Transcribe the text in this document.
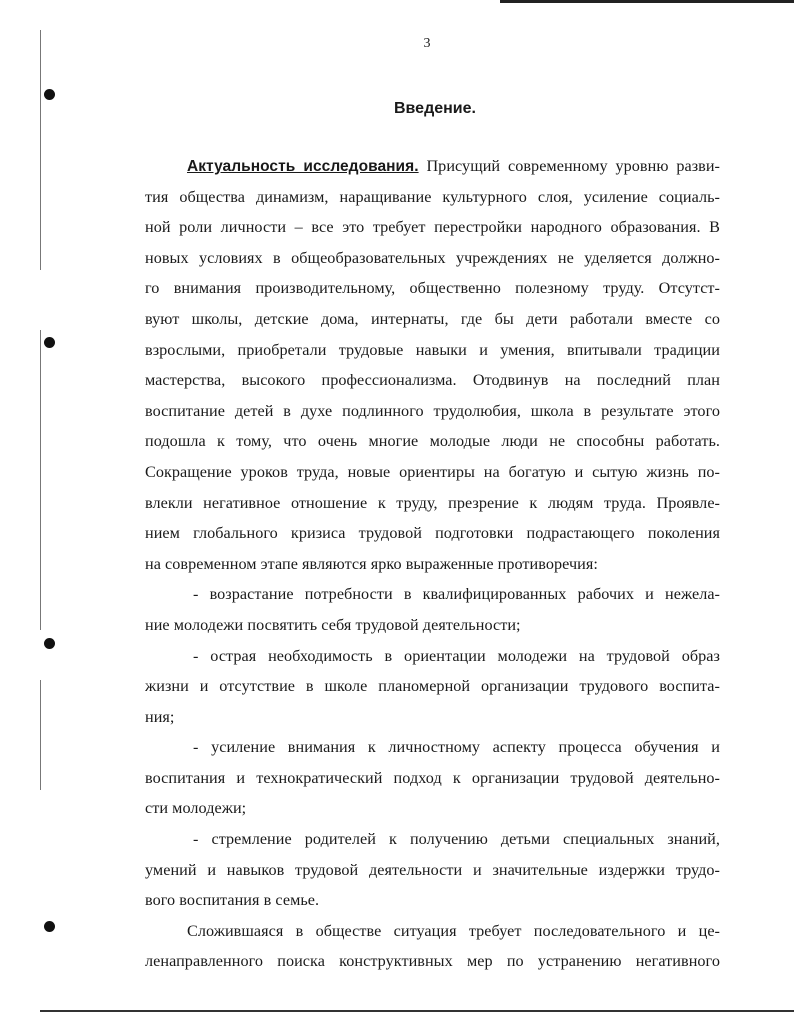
3
Введение.
Актуальность исследования. Присущий современному уровню разви-
тия общества динамизм, наращивание культурного слоя, усиление социаль-
ной роли личности – все это требует перестройки народного образования. В
новых условиях в общеобразовательных учреждениях не уделяется должно-
го внимания производительному, общественно полезному труду. Отсутст-
вуют школы, детские дома, интернаты, где бы дети работали вместе со
взрослыми, приобретали трудовые навыки и умения, впитывали традиции
мастерства, высокого профессионализма. Отодвинув на последний план
воспитание детей в духе подлинного трудолюбия, школа в результате этого
подошла к тому, что очень многие молодые люди не способны работать.
Сокращение уроков труда, новые ориентиры на богатую и сытую жизнь по-
влекли негативное отношение к труду, презрение к людям труда. Проявле-
нием глобального кризиса трудовой подготовки подрастающего поколения
на современном этапе являются ярко выраженные противоречия:
- возрастание потребности в квалифицированных рабочих и нежела-
ние молодежи посвятить себя трудовой деятельности;
- острая необходимость в ориентации молодежи на трудовой образ
жизни и отсутствие в школе планомерной организации трудового воспита-
ния;
- усиление внимания к личностному аспекту процесса обучения и
воспитания и технократический подход к организации трудовой деятельно-
сти молодежи;
- стремление родителей к получению детьми специальных знаний,
умений и навыков трудовой деятельности и значительные издержки трудо-
вого воспитания в семье.
Сложившаяся в обществе ситуация требует последовательного и це-
ленаправленного поиска конструктивных мер по устранению негативного
